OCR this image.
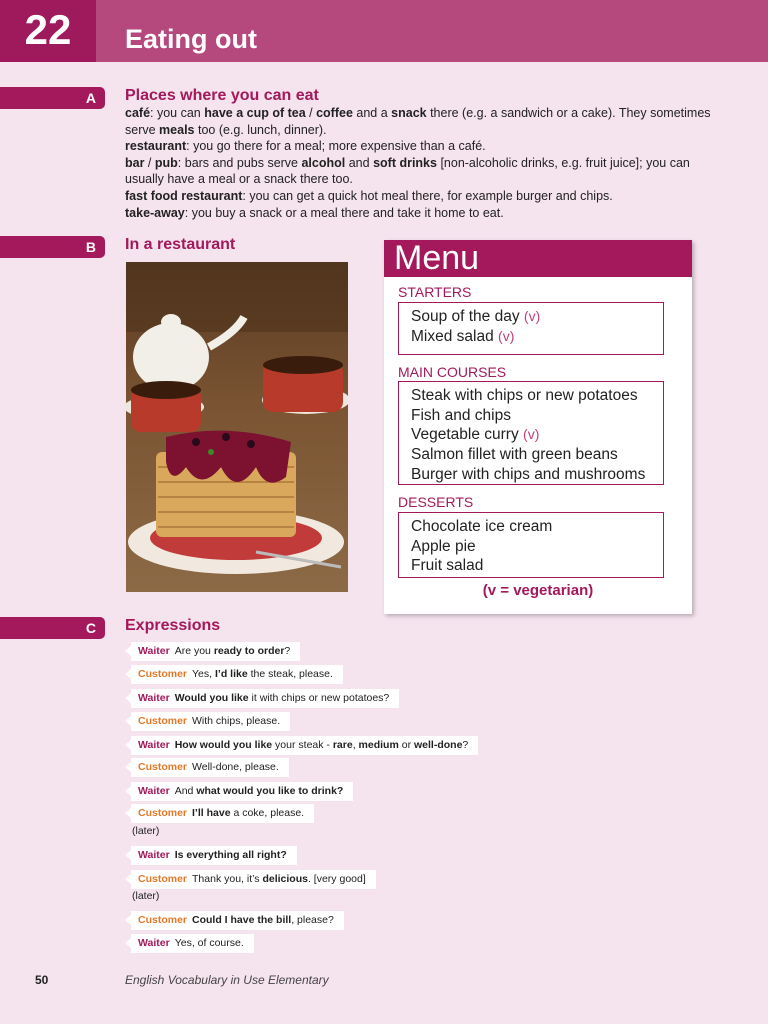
22	Eating out
A Places where you can eat

café: you can have a cup of tea / coffee and a snack there (e.g. a sandwich or a cake). They sometimes serve meals too (e.g. lunch, dinner).

restaurant: you go there for a meal; more expensive than a café.

bar / pub: bars and pubs serve alcohol and soft drinks [non-alcoholic drinks, e.g. fruit juice]; you can usually have a meal or a snack there too.

fast food restaurant: you can get a quick hot meal there, for example burger and chips.

take-away: you buy a snack or a meal there and take it home to eat.

B In a restaurant	Menu
STARTERS
Soup of the day (v)
Mixed salad (v)
MAIN COURSES
Steak with chips or new potatoes
Fish and chips
Vegetable curry (v)
Salmon fillet with green beans
Burger with chips and mushrooms
DESSERTS
Chocolate ice cream
Apple pie
Fruit salad
(v = vegetarian)
C Expressions
Waiter Are you ready to order?
Customer Yes, I’d like the steak, please.
Waiter Would you like it with chips or new potatoes?
Customer With chips, please.
Waiter How would you like your steak - rare, medium or well-done?
Customer Well-done, please.
Waiter And what would you like to drink?
Customer I’ll have a coke, please.
(later)
Waiter Is everything all right?
Customer Thank you, it’s delicious. [very good]
(later)
Customer Could I have the bill, please?
Waiter Yes, of course.
50	English Vocabulary in Use Elementary
